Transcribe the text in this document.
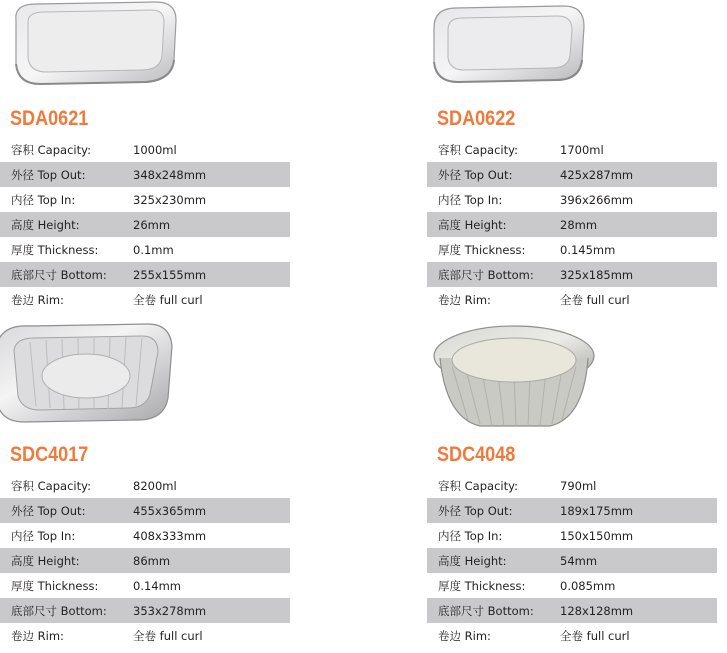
SDA0621
容积 Capacity:	1000ml
外径 Top Out:	348x248mm
内径 Top In:	325x230mm
高度 Height:	26mm
厚度 Thickness:	0.1mm
底部尺寸 Bottom:	255x155mm
卷边 Rim:	全卷 full curl
SDA0622
容积 Capacity:	1700ml
外径 Top Out:	425x287mm
内径 Top In:	396x266mm
高度 Height:	28mm
厚度 Thickness:	0.145mm
底部尺寸 Bottom:	325x185mm
卷边 Rim:	全卷 full curl
SDC4017
容积 Capacity:	8200ml
外径 Top Out:	455x365mm
内径 Top In:	408x333mm
高度 Height:	86mm
厚度 Thickness:	0.14mm
底部尺寸 Bottom:	353x278mm
卷边 Rim:	全卷 full curl
SDC4048
容积 Capacity:	790ml
外径 Top Out:	189x175mm
内径 Top In:	150x150mm
高度 Height:	54mm
厚度 Thickness:	0.085mm
底部尺寸 Bottom:	128x128mm
卷边 Rim:	全卷 full curl
